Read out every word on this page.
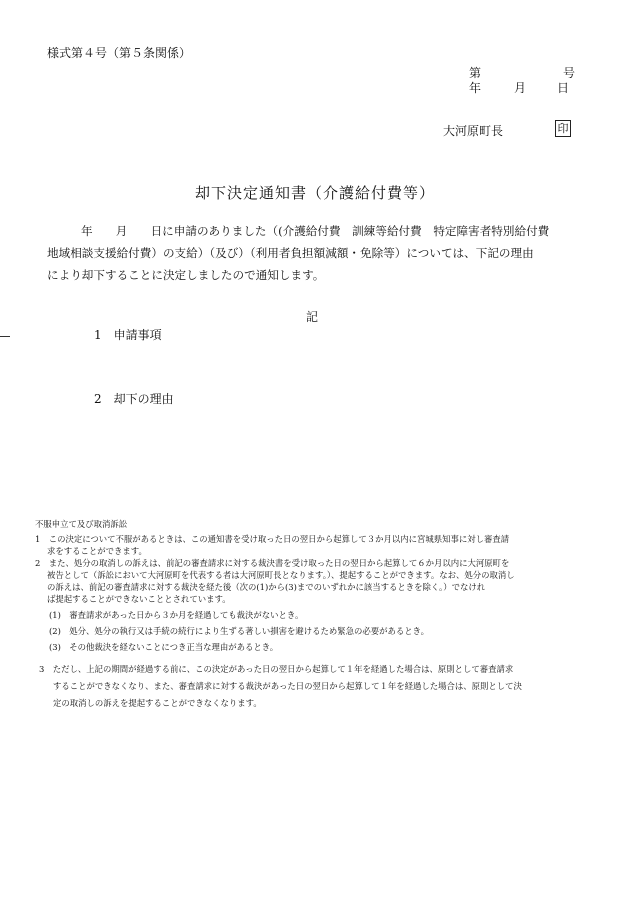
様式第４号（第５条関係）
第	号
年	月	日
大河原町長	印
却下決定通知書（介護給付費等）

年　　月　　日に申請のありました（(介護給付費　訓練等給付費　特定障害者特別給付費

地域相談支援給付費）の支給）（及び）（利用者負担額減額・免除等）については、下記の理由

により却下することに決定しましたので通知します。

記
1　申請事項
2　却下の理由

不服申立て及び取消訴訟

1　この決定について不服があるときは、この通知書を受け取った日の翌日から起算して３か月以内に宮城県知事に対し審査請

求をすることができます。

2　また、処分の取消しの訴えは、前記の審査請求に対する裁決書を受け取った日の翌日から起算して６か月以内に大河原町を

被告として（訴訟において大河原町を代表する者は大河原町長となります。）、提起することができます。なお、処分の取消し

の訴えは、前記の審査請求に対する裁決を経た後（次の(1)から(3)までのいずれかに該当するときを除く。）でなけれ

ば提起することができないこととされています。

(1)　審査請求があった日から３か月を経過しても裁決がないとき。

(2)　処分、処分の執行又は手続の続行により生ずる著しい損害を避けるため緊急の必要があるとき。

(3)　その他裁決を経ないことにつき正当な理由があるとき。

3　ただし、上記の期間が経過する前に、この決定があった日の翌日から起算して１年を経過した場合は、原則として審査請求

することができなくなり、また、審査請求に対する裁決があった日の翌日から起算して１年を経過した場合は、原則として決

定の取消しの訴えを提起することができなくなります。
